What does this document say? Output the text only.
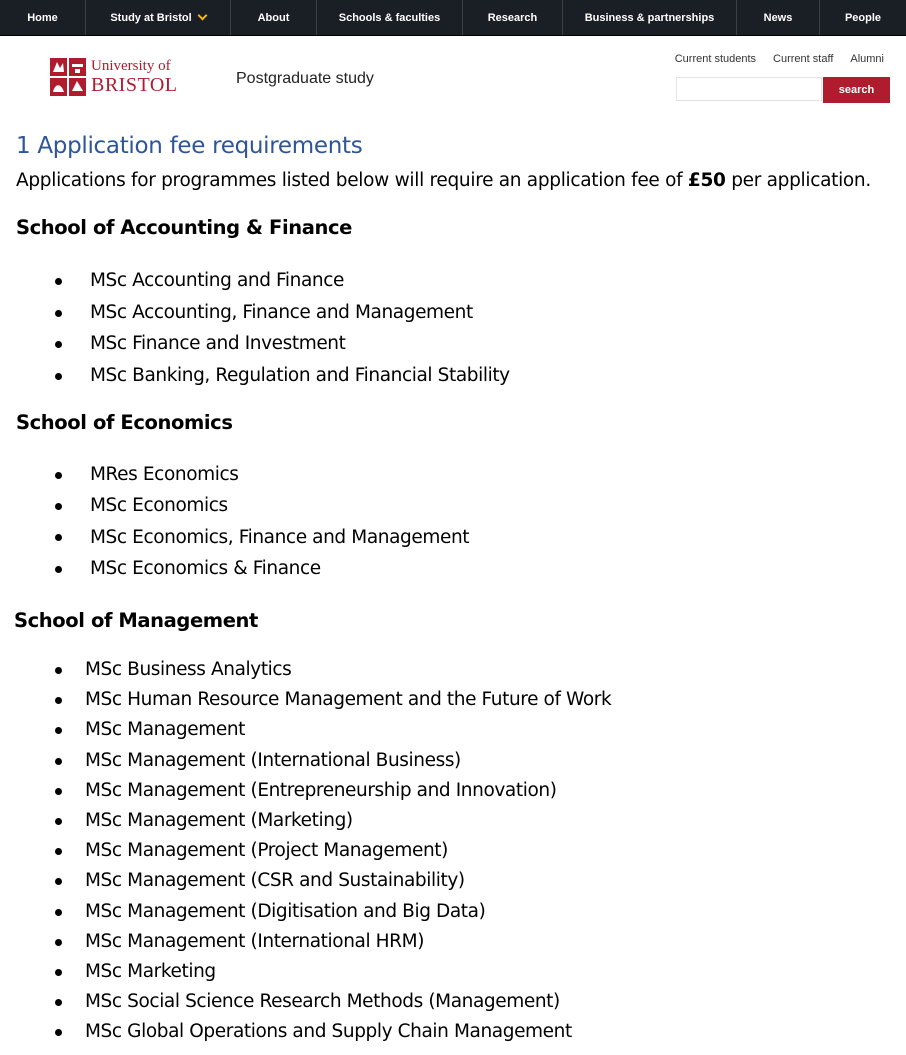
Home	Study at Bristol	About	Schools & faculties	Research	Business & partnerships	News	People
University of
BRISTOL	Postgraduate study
Current students Current staff Alumni
search
1 Application fee requirements

Applications for programmes listed below will require an application fee of £50 per application.

School of Accounting & Finance
MSc Accounting and Finance
MSc Accounting, Finance and Management
MSc Finance and Investment
MSc Banking, Regulation and Financial Stability
School of Economics
MRes Economics
MSc Economics
MSc Economics, Finance and Management
MSc Economics & Finance
School of Management
MSc Business Analytics
MSc Human Resource Management and the Future of Work
MSc Management
MSc Management (International Business)
MSc Management (Entrepreneurship and Innovation)
MSc Management (Marketing)
MSc Management (Project Management)
MSc Management (CSR and Sustainability)
MSc Management (Digitisation and Big Data)
MSc Management (International HRM)
MSc Marketing
MSc Social Science Research Methods (Management)
MSc Global Operations and Supply Chain Management
